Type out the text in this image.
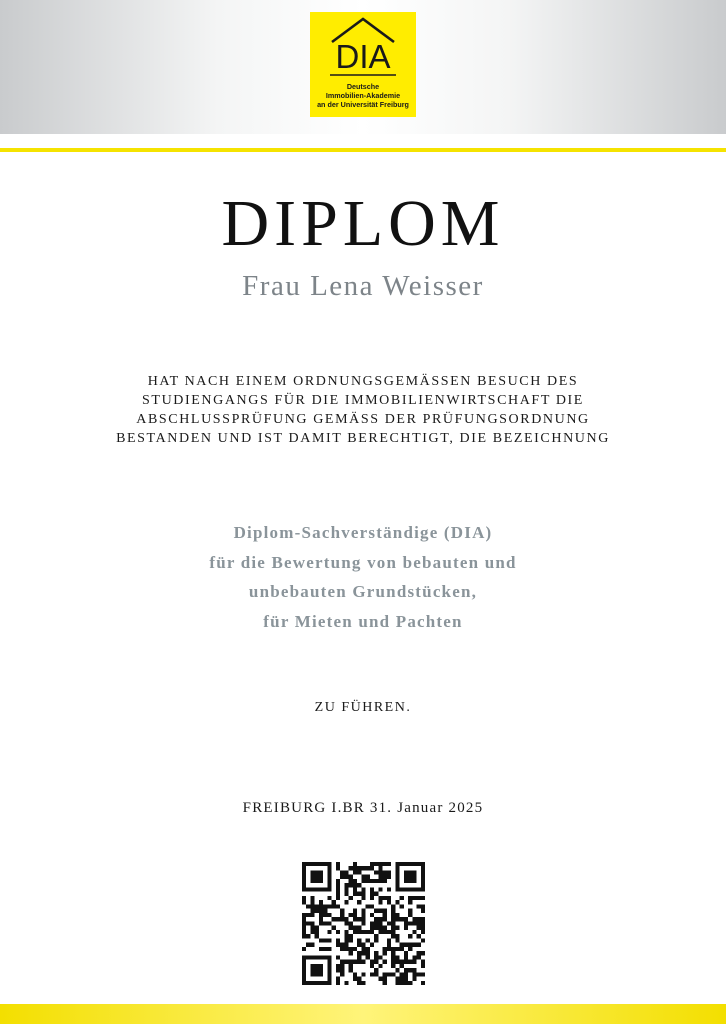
DIA
Deutsche
Immobilien-Akademie
an der Universität Freiburg
DIPLOM
Frau Lena Weisser
HAT NACH EINEM ORDNUNGSGEMÄSSEN BESUCH DES
STUDIENGANGS FÜR DIE IMMOBILIENWIRTSCHAFT DIE
ABSCHLUSSPRÜFUNG GEMÄSS DER PRÜFUNGSORDNUNG
BESTANDEN UND IST DAMIT BERECHTIGT, DIE BEZEICHNUNG
Diplom-Sachverständige (DIA)
für die Bewertung von bebauten und
unbebauten Grundstücken,
für Mieten und Pachten
ZU FÜHREN.
FREIBURG I.BR 31. Januar 2025
